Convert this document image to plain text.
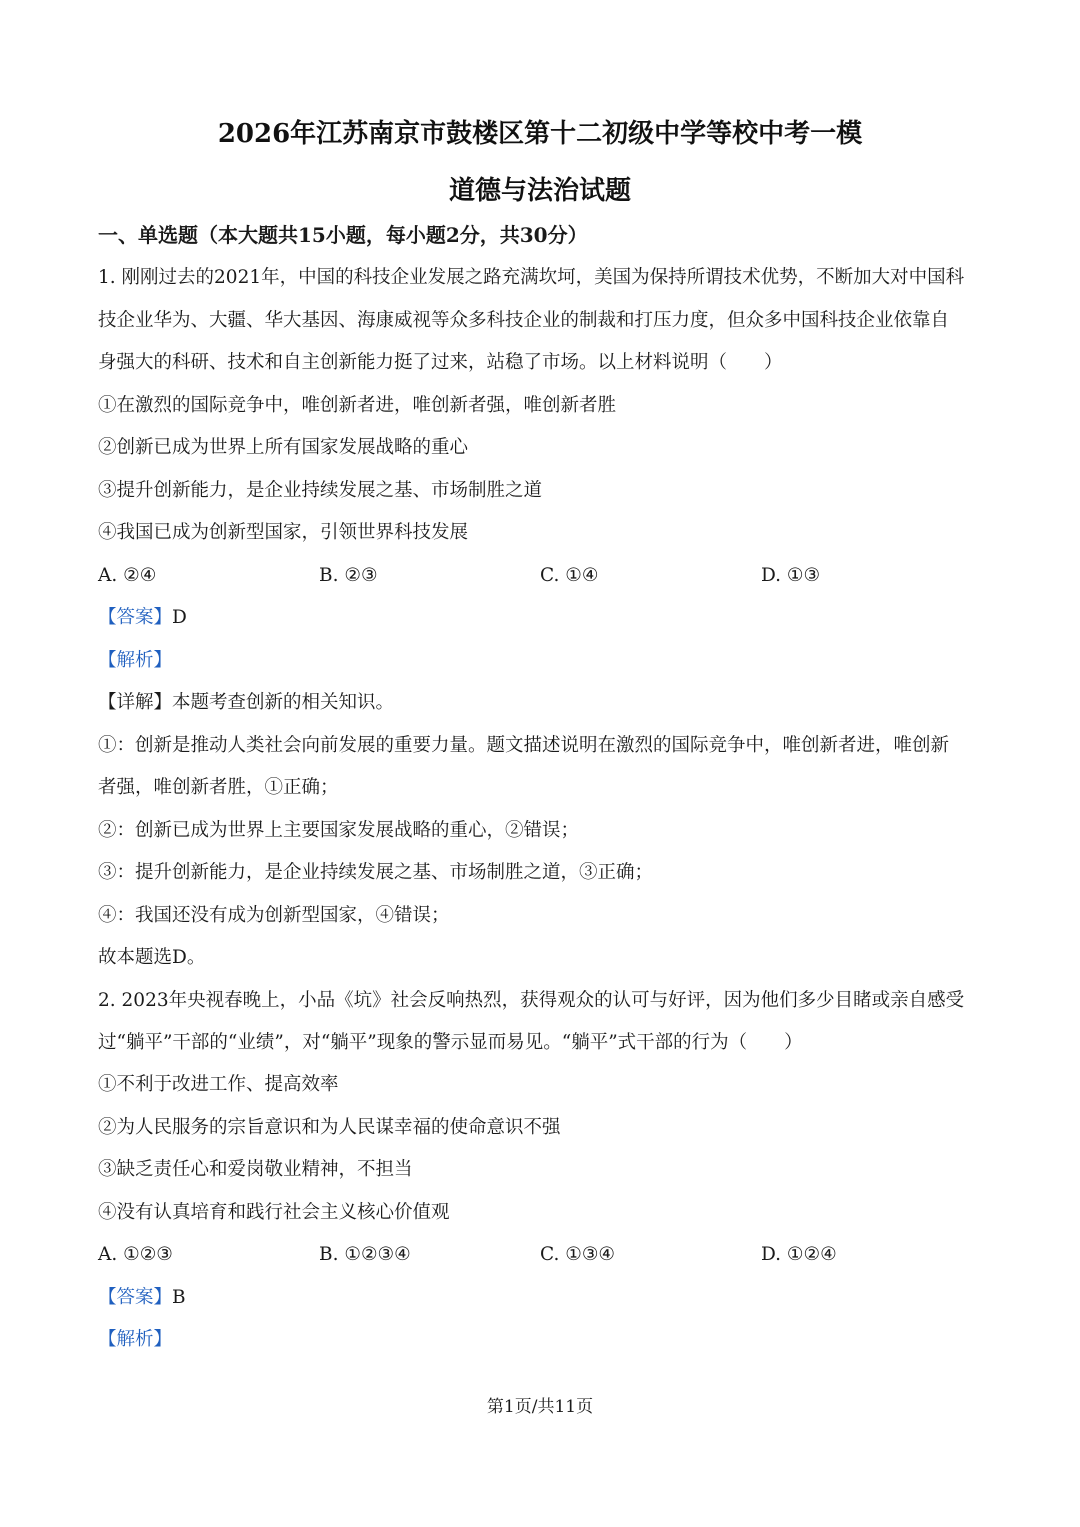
2026年江苏南京市鼓楼区第十二初级中学等校中考一模
道德与法治试题
一、单选题（本大题共15小题，每小题2分，共30分）
1. 刚刚过去的2021年，中国的科技企业发展之路充满坎坷，美国为保持所谓技术优势，不断加大对中国科
技企业华为、大疆、华大基因、海康威视等众多科技企业的制裁和打压力度，但众多中国科技企业依靠自
身强大的科研、技术和自主创新能力挺了过来，站稳了市场。以上材料说明（　　）
①在激烈的国际竞争中，唯创新者进，唯创新者强，唯创新者胜
②创新已成为世界上所有国家发展战略的重心
③提升创新能力，是企业持续发展之基、市场制胜之道
④我国已成为创新型国家，引领世界科技发展
A. ②④	B. ②③	C. ①④	D. ①③
【答案】D
【解析】
【详解】本题考查创新的相关知识。
①：创新是推动人类社会向前发展的重要力量。题文描述说明在激烈的国际竞争中，唯创新者进，唯创新
者强，唯创新者胜，①正确；
②：创新已成为世界上主要国家发展战略的重心，②错误；
③：提升创新能力，是企业持续发展之基、市场制胜之道，③正确；
④：我国还没有成为创新型国家，④错误；
故本题选D。
2. 2023年央视春晚上，小品《坑》社会反响热烈，获得观众的认可与好评，因为他们多少目睹或亲自感受
过“躺平”干部的“业绩”，对“躺平”现象的警示显而易见。“躺平”式干部的行为（　　）
①不利于改进工作、提高效率
②为人民服务的宗旨意识和为人民谋幸福的使命意识不强
③缺乏责任心和爱岗敬业精神，不担当
④没有认真培育和践行社会主义核心价值观
A. ①②③	B. ①②③④	C. ①③④	D. ①②④
【答案】B
【解析】
第1页/共11页
